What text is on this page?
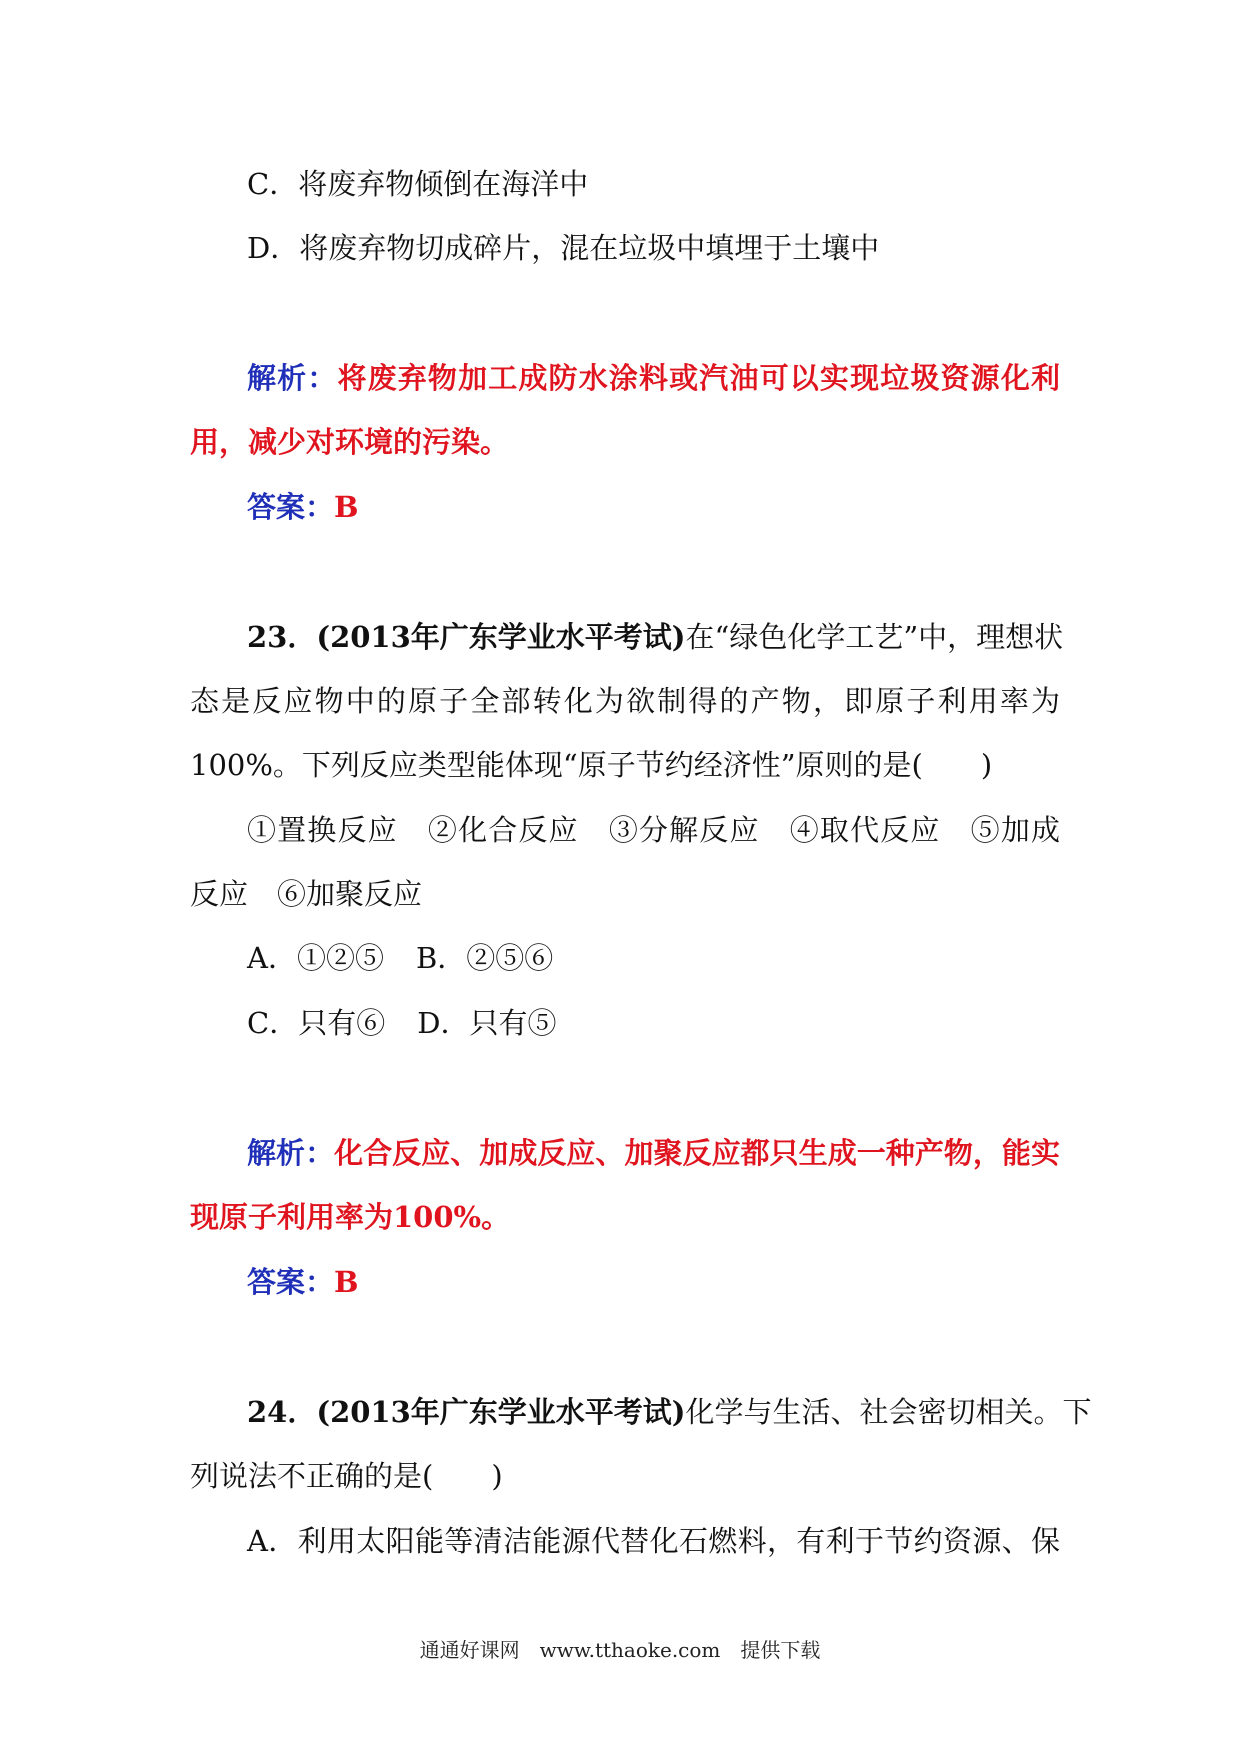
C．将废弃物倾倒在海洋中
D．将废弃物切成碎片，混在垃圾中填埋于土壤中
解析：将废弃物加工成防水涂料或汽油可以实现垃圾资源化利
用，减少对环境的污染。
答案：B
23．(2013年广东学业水平考试)在“绿色化学工艺”中，理想状
态是反应物中的原子全部转化为欲制得的产物，即原子利用率为
100%。下列反应类型能体现“原子节约经济性”原则的是(　　)
①置换反应　②化合反应　③分解反应　④取代反应　⑤加成
反应　⑥加聚反应
A．①②⑤ B．②⑤⑥
C．只有⑥ D．只有⑤
解析：化合反应、加成反应、加聚反应都只生成一种产物，能实
现原子利用率为100%。
答案：B
24．(2013年广东学业水平考试)化学与生活、社会密切相关。下
列说法不正确的是(　　)
A．利用太阳能等清洁能源代替化石燃料，有利于节约资源、保
通通好课网　www.tthaoke.com　提供下载
